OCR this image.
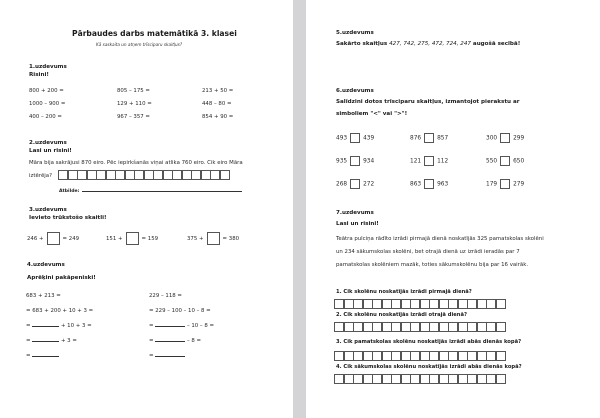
Pārbaudes darbs matemātikā 3. klasei
Kā saskaita un atņem trīsciparu skaitļus?
1.uzdevums
Risini!
800 + 200 =	805 – 175 =	213 + 50 =
1000 – 900 =	129 + 110 =	448 – 80 =
400 – 200 =	967 – 357 =	854 + 90 =
2.uzdevums
Lasi un risini!
Māra bija sakrājusi 870 eiro. Pēc iepirkšanās viņai atlika 760 eiro. Cik eiro Māra
iztērēja?
Atbilde:
3.uzdevums
Ievieto trūkstošo skaitli!
246 +	= 249	151 +	= 159	375 +	= 380
4.uzdevums
Aprēķini pakāpeniski!
683 + 213 =
= 683 + 200 + 10 + 3 =
=	+ 10 + 3 =
=	+ 3 =
=
229 – 118 =
= 229 – 100 – 10 – 8 =
=	– 10 – 8 =
=	– 8 =
=
5.uzdevums
Sakārto skaitļus 427, 742, 275, 472, 724, 247 augošā secībā!
6.uzdevums
Salīdzini dotos trīsciparu skaitļus, izmantojot pierakstu ar
simboliem "<" vai ">"!
493	439	876	857	300	299
935	934	121	112	550	650
268	272	863	963	179	279
7.uzdevums
Lasi un risini!
Teātra pulciņa rādīto izrādi pirmajā dienā noskatījās 325 pamatskolas skolēni
un 234 sākumskolas skolēni, bet otrajā dienā uz izrādi ieradās par 7
pamatskolas skolēniem mazāk, toties sākumskolēnu bija par 16 vairāk.
1. Cik skolēnu noskatījās izrādi pirmajā dienā?
2. Cik skolēnu noskatījās izrādi otrajā dienā?
3. Cik pamatskolas skolēnu noskatījās izrādi abās dienās kopā?
4. Cik sākumskolas skolēnu noskatījās izrādi abās dienās kopā?
